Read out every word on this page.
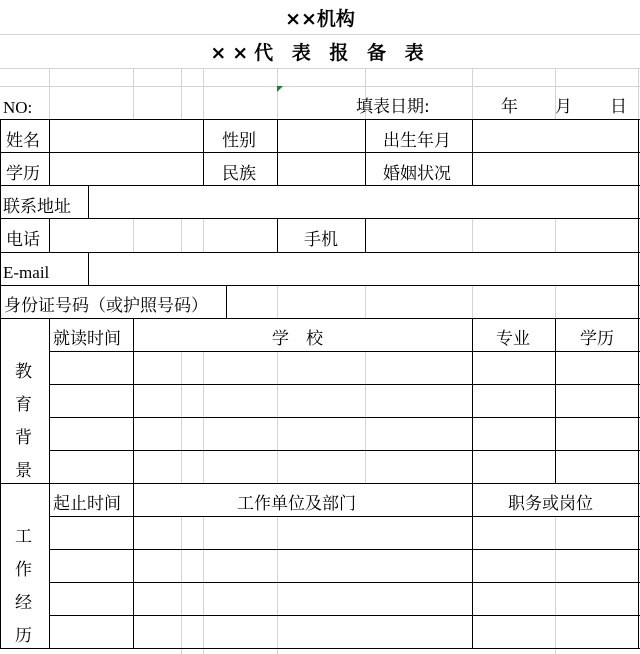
××机构
××代 表 报 备 表
NO:	填表日期:	年 月 日
姓名	性别	出生年月
学历	民族	婚姻状况
联系地址
电话	手机
E-mail
身份证号码（或护照号码）
就读时间	学　校	专业	学历
教
育
背
景
起止时间	工作单位及部门	职务或岗位
工
作
经
历
